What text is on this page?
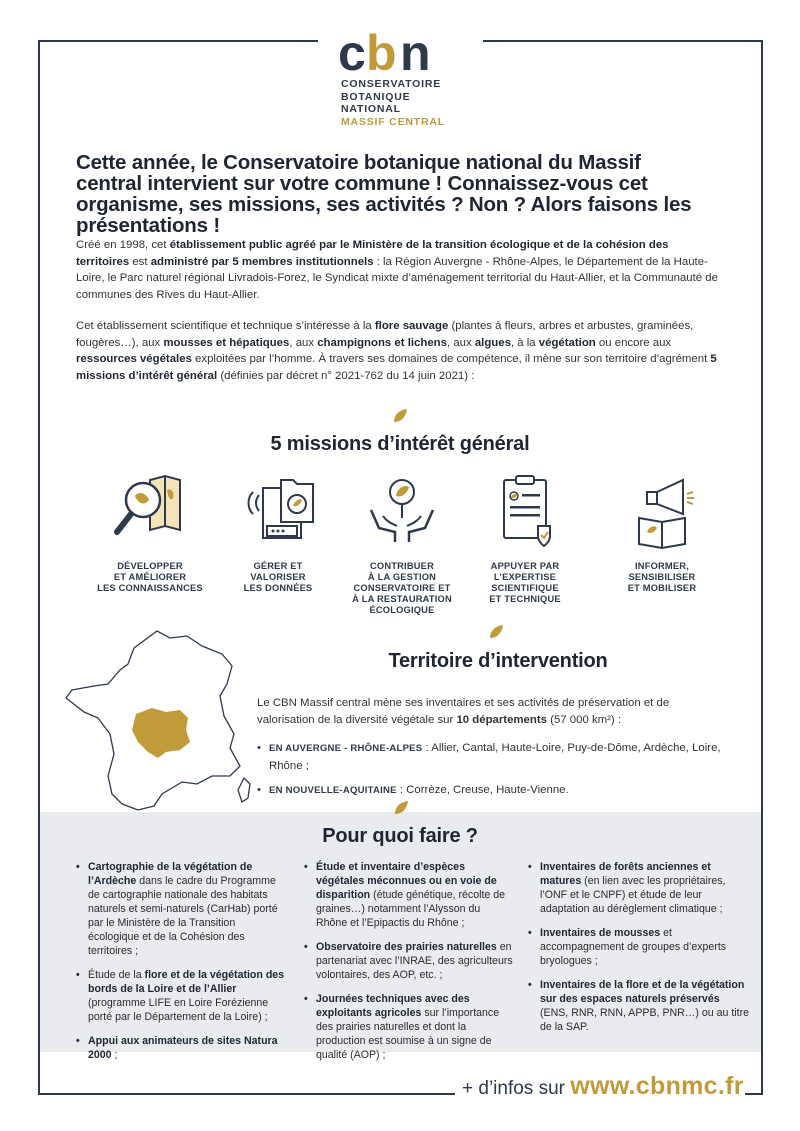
c b n
CONSERVATOIRE
BOTANIQUE NATIONAL
MASSIF CENTRAL
Cette année, le Conservatoire botanique national du Massif central intervient sur votre commune ! Connaissez-vous cet organisme, ses missions, ses activités ? Non ? Alors faisons les présentations !

Créé en 1998, cet établissement public agréé par le Ministère de la transition écologique et de la cohésion des territoires est administré par 5 membres institutionnels : la Région Auvergne - Rhône-Alpes, le Département de la Haute-Loire, le Parc naturel régional Livradois-Forez, le Syndicat mixte d’aménagement territorial du Haut-Allier, et la Communauté de communes des Rives du Haut-Allier.

Cet établissement scientifique et technique s’intéresse à la flore sauvage (plantes à fleurs, arbres et arbustes, graminées, fougères…), aux mousses et hépatiques, aux champignons et lichens, aux algues, à la végétation ou encore aux ressources végétales exploitées par l’homme. À travers ses domaines de compétence, il mène sur son territoire d’agrément 5 missions d’intérêt général (définies par décret n° 2021-762 du 14 juin 2021) :

5 missions d’intérêt général
DÉVELOPPER
ET AMÉLIORER
LES CONNAISSANCES
GÉRER ET
VALORISER
LES DONNÉES
CONTRIBUER
À LA GESTION
CONSERVATOIRE ET
À LA RESTAURATION
ÉCOLOGIQUE
APPUYER PAR
L’EXPERTISE SCIENTIFIQUE
ET TECHNIQUE
INFORMER,
SENSIBILISER
ET MOBILISER
Territoire d’intervention

Le CBN Massif central mène ses inventaires et ses activités de préservation et de valorisation de la diversité végétale sur 10 départements (57 000 km²) :

• EN AUVERGNE - RHÔNE-ALPES : Allier, Cantal, Haute-Loire, Puy-de-Dôme, Ardèche, Loire, Rhône ;
• EN NOUVELLE-AQUITAINE : Corrèze, Creuse, Haute-Vienne.
Pour quoi faire ?
• Cartographie de la végétation de l’Ardèche dans le cadre du Programme de cartographie nationale des habitats naturels et semi-naturels (CarHab) porté par le Ministère de la Transition écologique et de la Cohésion des territoires ;
• Étude de la flore et de la végétation des bords de la Loire et de l’Allier (programme LIFE en Loire Forézienne porté par le Département de la Loire) ;
• Appui aux animateurs de sites Natura 2000 ;
• Étude et inventaire d’espèces végétales méconnues ou en voie de disparition (étude génétique, récolte de graines…) notamment l’Alysson du Rhône et l’Epipactis du Rhône ;
• Observatoire des prairies naturelles en partenariat avec l’INRAE, des agriculteurs volontaires, des AOP, etc. ;
• Journées techniques avec des exploitants agricoles sur l’importance des prairies naturelles et dont la production est soumise à un signe de qualité (AOP) ;
• Inventaires de forêts anciennes et matures (en lien avec les propriétaires, l’ONF et le CNPF) et étude de leur adaptation au dérèglement climatique ;
• Inventaires de mousses et accompagnement de groupes d’experts bryologues ;
• Inventaires de la flore et de la végétation sur des espaces naturels préservés (ENS, RNR, RNN, APPB, PNR…) ou au titre de la SAP.
+ d’infos sur www.cbnmc.fr
